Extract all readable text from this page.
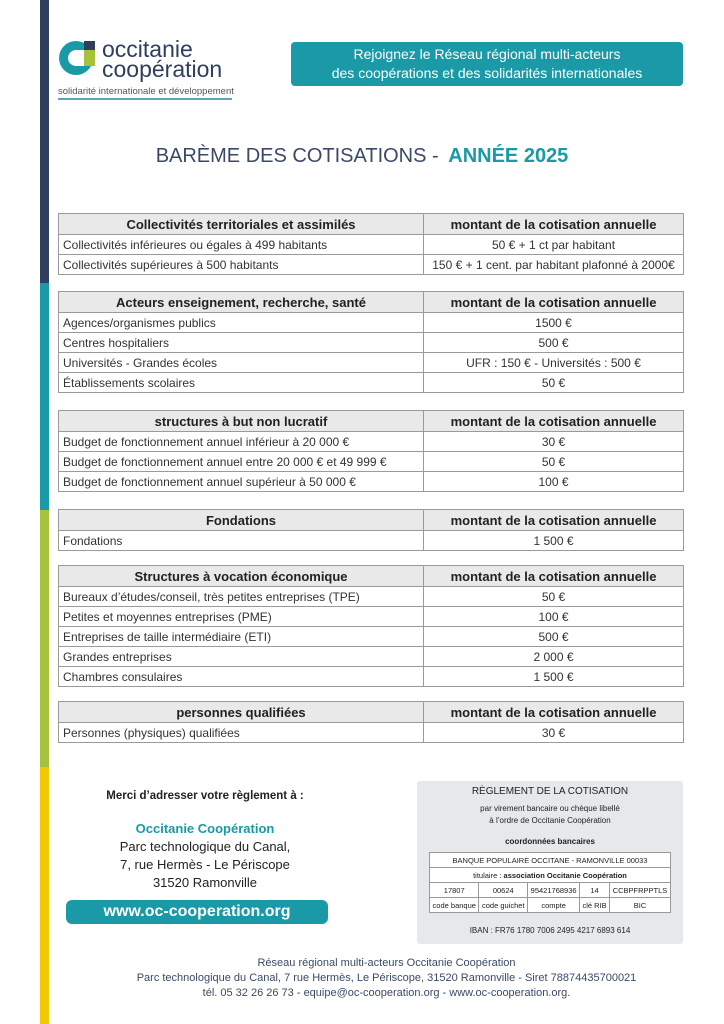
occitanie
coopération
solidarité internationale et développement
Rejoignez le Réseau régional multi-acteurs
des coopérations et des solidarités internationales
BARÈME DES COTISATIONS - ANNÉE 2025
Collectivités territoriales et assimilés	montant de la cotisation annuelle
Collectivités inférieures ou égales à 499 habitants	50 € + 1 ct par habitant
Collectivités supérieures à 500 habitants	150 € + 1 cent. par habitant plafonné à 2000€
Acteurs enseignement, recherche, santé	montant de la cotisation annuelle
Agences/organismes publics	1500 €
Centres hospitaliers	500 €
Universités - Grandes écoles	UFR : 150 € - Universités : 500 €
Établissements scolaires	50 €
structures à but non lucratif	montant de la cotisation annuelle
Budget de fonctionnement annuel inférieur à 20 000 €	30 €
Budget de fonctionnement annuel entre 20 000 € et 49 999 €	50 €
Budget de fonctionnement annuel supérieur à 50 000 €	100 €
Fondations	montant de la cotisation annuelle
Fondations	1 500 €
Structures à vocation économique	montant de la cotisation annuelle
Bureaux d’études/conseil, très petites entreprises (TPE)	50 €
Petites et moyennes entreprises (PME)	100 €
Entreprises de taille intermédiaire (ETI)	500 €
Grandes entreprises	2 000 €
Chambres consulaires	1 500 €
personnes qualifiées	montant de la cotisation annuelle
Personnes (physiques) qualifiées	30 €
Merci d’adresser votre règlement à :
Occitanie Coopération
Parc technologique du Canal,
7, rue Hermès - Le Périscope
31520 Ramonville
www.oc-cooperation.org
RÈGLEMENT DE LA COTISATION
par virement bancaire ou chèque libellé
à l’ordre de Occitanie Coopération
coordonnées bancaires
BANQUE POPULAIRE OCCITANE - RAMONVILLE 00033				
titulaire : association Occitanie Coopération				
17807	00624	95421768936	14	CCBPFRPPTLS
code banque	code guichet	compte	clé RIB	BIC
IBAN : FR76 1780 7006 2495 4217 6893 614
Réseau régional multi-acteurs Occitanie Coopération
Parc technologique du Canal, 7 rue Hermès, Le Périscope, 31520 Ramonville - Siret 78874435700021
tél. 05 32 26 26 73 - equipe@oc-cooperation.org - www.oc-cooperation.org.
